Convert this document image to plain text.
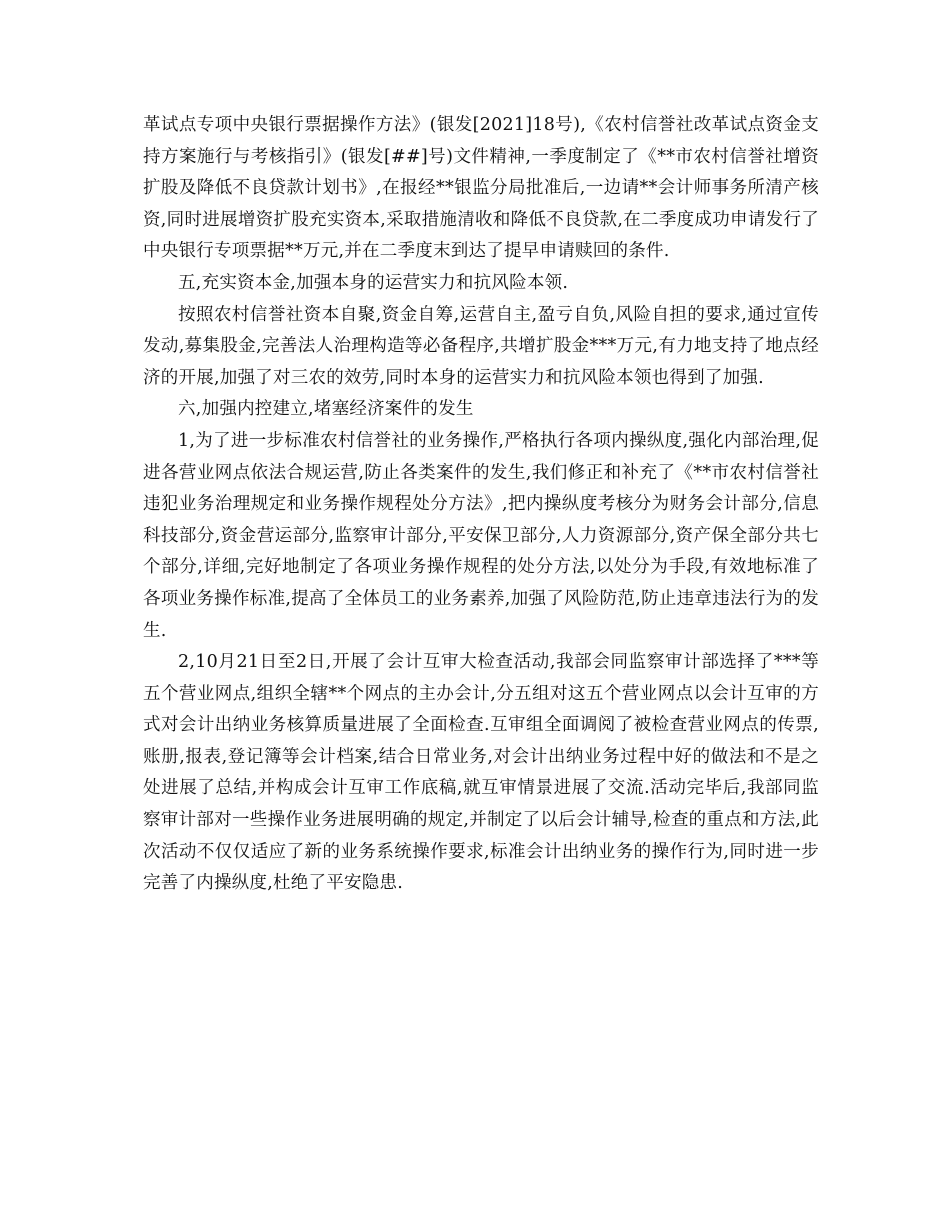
革试点专项中央银行票据操作方法》(银发[2021]18号),《农村信誉社改革试点资金支持方案施行与考核指引》(银发[##]号)文件精神,一季度制定了《**市农村信誉社增资扩股及降低不良贷款计划书》,在报经**银监分局批准后,一边请**会计师事务所清产核资,同时进展增资扩股充实资本,采取措施清收和降低不良贷款,在二季度成功申请发行了中央银行专项票据**万元,并在二季度末到达了提早申请赎回的条件.

五,充实资本金,加强本身的运营实力和抗风险本领.

按照农村信誉社资本自聚,资金自筹,运营自主,盈亏自负,风险自担的要求,通过宣传发动,募集股金,完善法人治理构造等必备程序,共增扩股金***万元,有力地支持了地点经济的开展,加强了对三农的效劳,同时本身的运营实力和抗风险本领也得到了加强.

六,加强内控建立,堵塞经济案件的发生

1,为了进一步标准农村信誉社的业务操作,严格执行各项内操纵度,强化内部治理,促进各营业网点依法合规运营,防止各类案件的发生,我们修正和补充了《**市农村信誉社违犯业务治理规定和业务操作规程处分方法》,把内操纵度考核分为财务会计部分,信息科技部分,资金营运部分,监察审计部分,平安保卫部分,人力资源部分,资产保全部分共七个部分,详细,完好地制定了各项业务操作规程的处分方法,以处分为手段,有效地标准了各项业务操作标准,提高了全体员工的业务素养,加强了风险防范,防止违章违法行为的发生.

2,10月21日至2日,开展了会计互审大检查活动,我部会同监察审计部选择了***等五个营业网点,组织全辖**个网点的主办会计,分五组对这五个营业网点以会计互审的方式对会计出纳业务核算质量进展了全面检查.互审组全面调阅了被检查营业网点的传票,账册,报表,登记簿等会计档案,结合日常业务,对会计出纳业务过程中好的做法和不是之处进展了总结,并构成会计互审工作底稿,就互审情景进展了交流.活动完毕后,我部同监察审计部对一些操作业务进展明确的规定,并制定了以后会计辅导,检查的重点和方法,此次活动不仅仅适应了新的业务系统操作要求,标准会计出纳业务的操作行为,同时进一步完善了内操纵度,杜绝了平安隐患.
